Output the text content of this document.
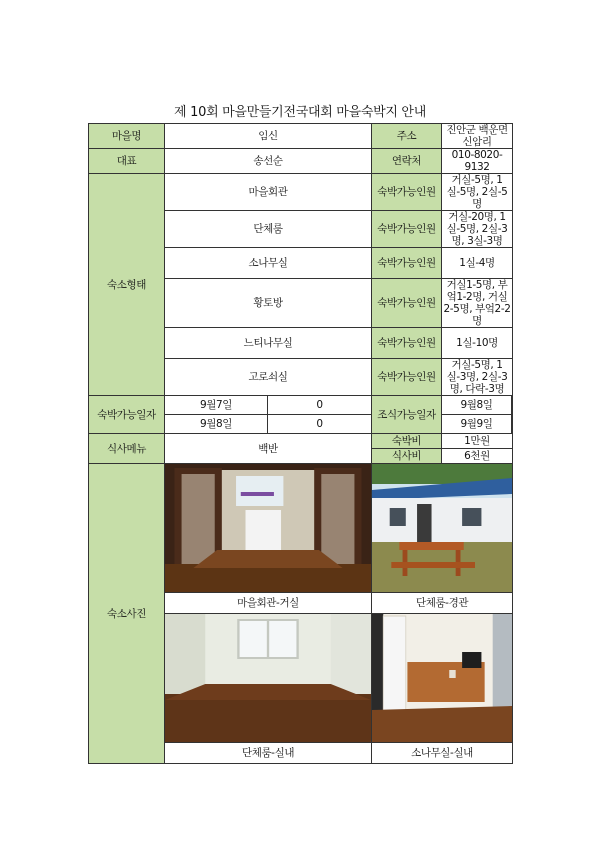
제 10회 마을만들기전국대회 마을숙박지 안내
마을명	임신		주소	진안군 백운면 신암리
대표	송선순		연락처	010-8020-9132
숙소형태	마을회관		숙박가능인원	거실-5명, 1실-5명, 2실-5명
	단체룸		숙박가능인원	거실-20명, 1실-5명, 2실-3명, 3실-3명
	소나무실		숙박가능인원	1실-4명
	황토방		숙박가능인원	거실1-5명, 부엌1-2명, 거실2-5명, 부엌2-2명
	느티나무실		숙박가능인원	1실-10명
	고로쇠실		숙박가능인원	거실-5명, 1실-3명, 2실-3명, 다락-3명
숙박가능일자	9월7일	0	조식가능일자	9월8일

	9월8일	0		9월9일

식사메뉴	백반		숙박비	1만원
			식사비	6천원
숙소사진	

	마을회관-거실		단체룸-경관	

	단체룸-실내		소나무실-실내	
